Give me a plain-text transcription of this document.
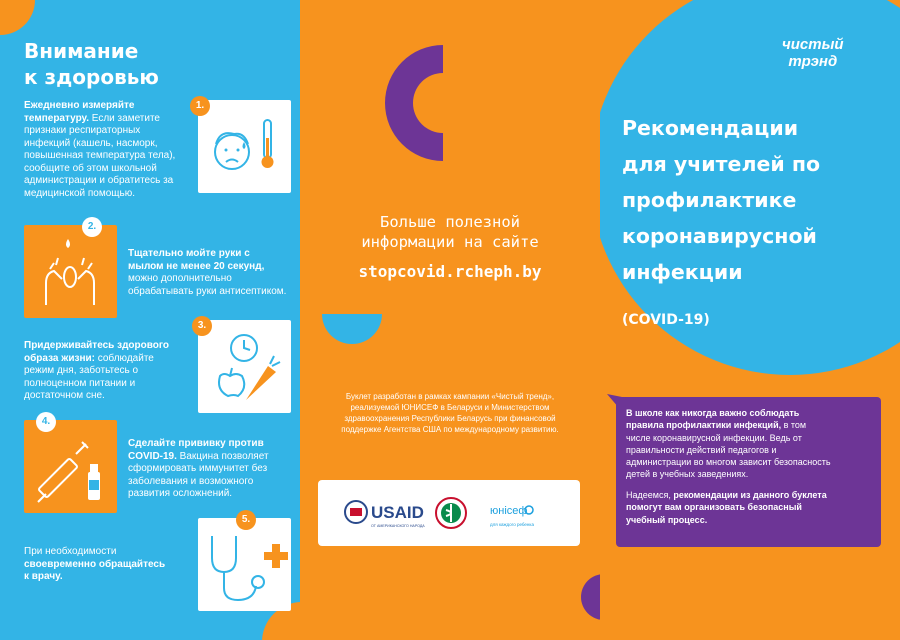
Внимание
к здоровью

Ежедневно измеряйте
температуру. Если заметите
признаки респираторных
инфекций (кашель, насморк,
повышенная температура тела),
сообщите об этом школьной
администрации и обратитесь за
медицинской помощью.

1.
2.

Тщательно мойте руки с
мылом не менее 20 секунд,
можно дополнительно
обрабатывать руки антисептиком.

Придерживайтесь здорового
образа жизни: соблюдайте
режим дня, заботьтесь о
полноценном питании и
достаточном сне.

3.
4.

Сделайте прививку против
COVID-19. Вакцина позволяет
сформировать иммунитет без
заболевания и возможного
развития осложнений.

При необходимости
своевременно обращайтесь
к врачу.

5.
Больше полезной
информации на сайте
stopcovid.rcheph.by

Буклет разработан в рамках кампании «Чистый тренд»,
реализуемой ЮНИСЕФ в Беларуси и Министерством
здравоохранения Республики Беларусь при финансовой
поддержке Агентства США по международному развитию.

USAID
ОТ АМЕРИКАНСКОГО НАРОДА
юнісеф
для каждого ребенка
чистый
трэнд
Рекомендации
для учителей по
профилактике
коронавирусной
инфекции
(COVID-19)

В школе как никогда важно соблюдать
правила профилактики инфекций, в том
числе коронавирусной инфекции. Ведь от
правильности действий педагогов и
администрации во многом зависит безопасность
детей в учебных заведениях.

Надеемся, рекомендации из данного буклета
помогут вам организовать безопасный
учебный процесс.
